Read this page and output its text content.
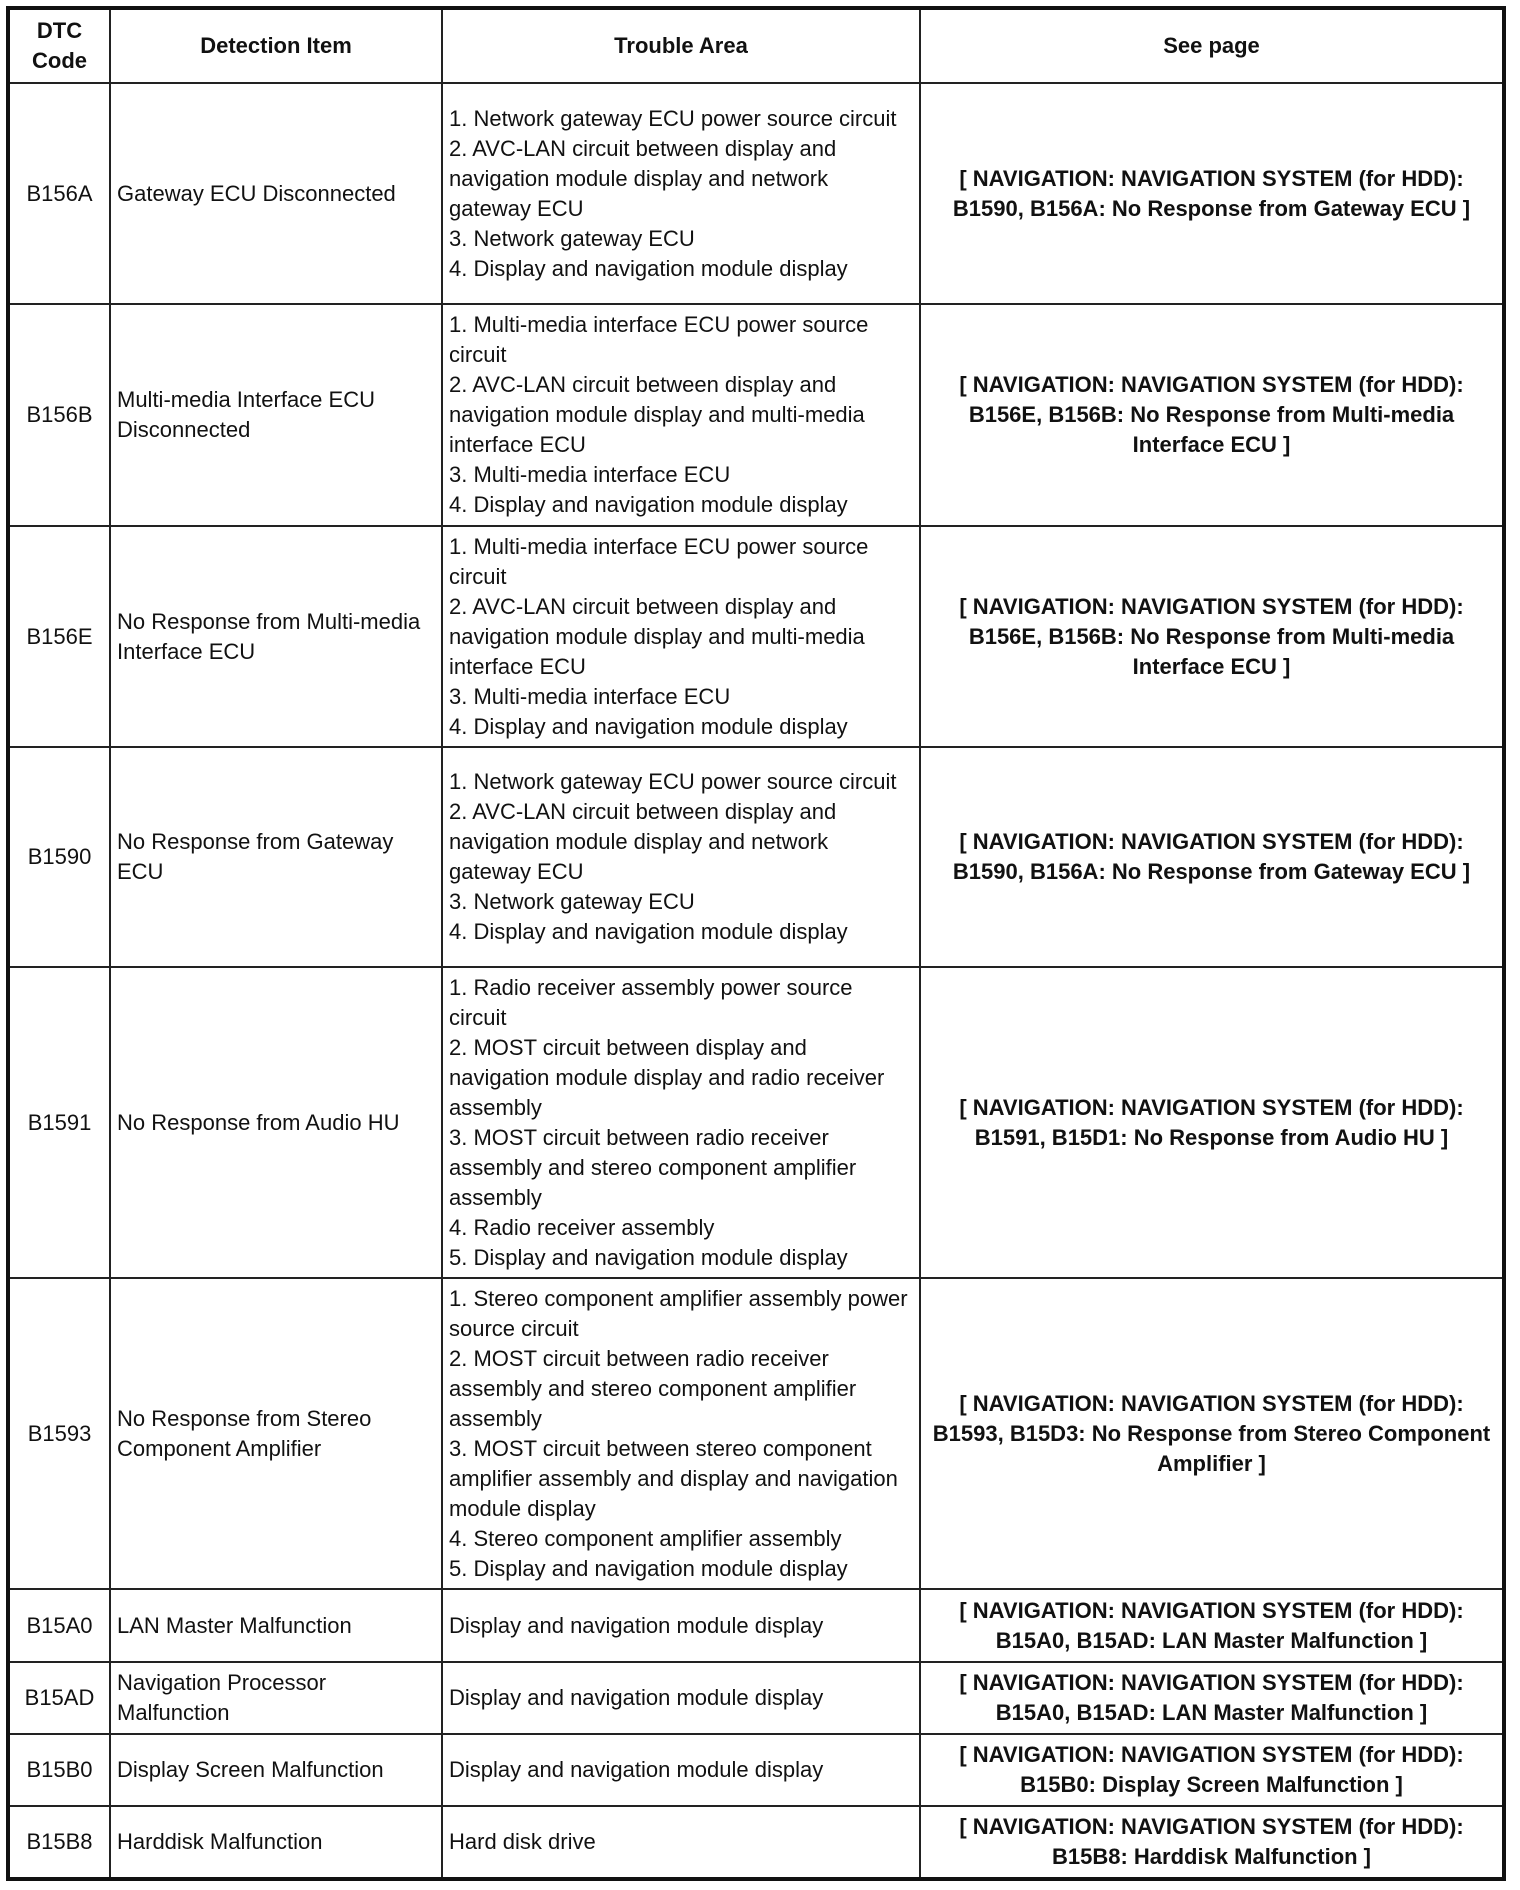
DTC Code	Detection Item	Trouble Area	See page
B156A	Gateway ECU Disconnected	1. Network gateway ECU power source circuit
2. AVC-LAN circuit between display and navigation module display and network gateway ECU
3. Network gateway ECU
4. Display and navigation module display	[ NAVIGATION: NAVIGATION SYSTEM (for HDD): B1590, B156A: No Response from Gateway ECU ]
B156B	Multi-media Interface ECU Disconnected	1. Multi-media interface ECU power source circuit
2. AVC-LAN circuit between display and navigation module display and multi-media interface ECU
3. Multi-media interface ECU
4. Display and navigation module display	[ NAVIGATION: NAVIGATION SYSTEM (for HDD): B156E, B156B: No Response from Multi-media Interface ECU ]
B156E	No Response from Multi-media Interface ECU	1. Multi-media interface ECU power source circuit
2. AVC-LAN circuit between display and navigation module display and multi-media interface ECU
3. Multi-media interface ECU
4. Display and navigation module display	[ NAVIGATION: NAVIGATION SYSTEM (for HDD): B156E, B156B: No Response from Multi-media Interface ECU ]
B1590	No Response from Gateway ECU	1. Network gateway ECU power source circuit
2. AVC-LAN circuit between display and navigation module display and network gateway ECU
3. Network gateway ECU
4. Display and navigation module display	[ NAVIGATION: NAVIGATION SYSTEM (for HDD): B1590, B156A: No Response from Gateway ECU ]
B1591	No Response from Audio HU	1. Radio receiver assembly power source circuit
2. MOST circuit between display and navigation module display and radio receiver assembly
3. MOST circuit between radio receiver assembly and stereo component amplifier assembly
4. Radio receiver assembly
5. Display and navigation module display	[ NAVIGATION: NAVIGATION SYSTEM (for HDD): B1591, B15D1: No Response from Audio HU ]
B1593	No Response from Stereo Component Amplifier	1. Stereo component amplifier assembly power source circuit
2. MOST circuit between radio receiver assembly and stereo component amplifier assembly
3. MOST circuit between stereo component amplifier assembly and display and navigation module display
4. Stereo component amplifier assembly
5. Display and navigation module display	[ NAVIGATION: NAVIGATION SYSTEM (for HDD): B1593, B15D3: No Response from Stereo Component Amplifier ]
B15A0	LAN Master Malfunction	Display and navigation module display	[ NAVIGATION: NAVIGATION SYSTEM (for HDD): B15A0, B15AD: LAN Master Malfunction ]
B15AD	Navigation Processor Malfunction	Display and navigation module display	[ NAVIGATION: NAVIGATION SYSTEM (for HDD): B15A0, B15AD: LAN Master Malfunction ]
B15B0	Display Screen Malfunction	Display and navigation module display	[ NAVIGATION: NAVIGATION SYSTEM (for HDD): B15B0: Display Screen Malfunction ]
B15B8	Harddisk Malfunction	Hard disk drive	[ NAVIGATION: NAVIGATION SYSTEM (for HDD): B15B8: Harddisk Malfunction ]
